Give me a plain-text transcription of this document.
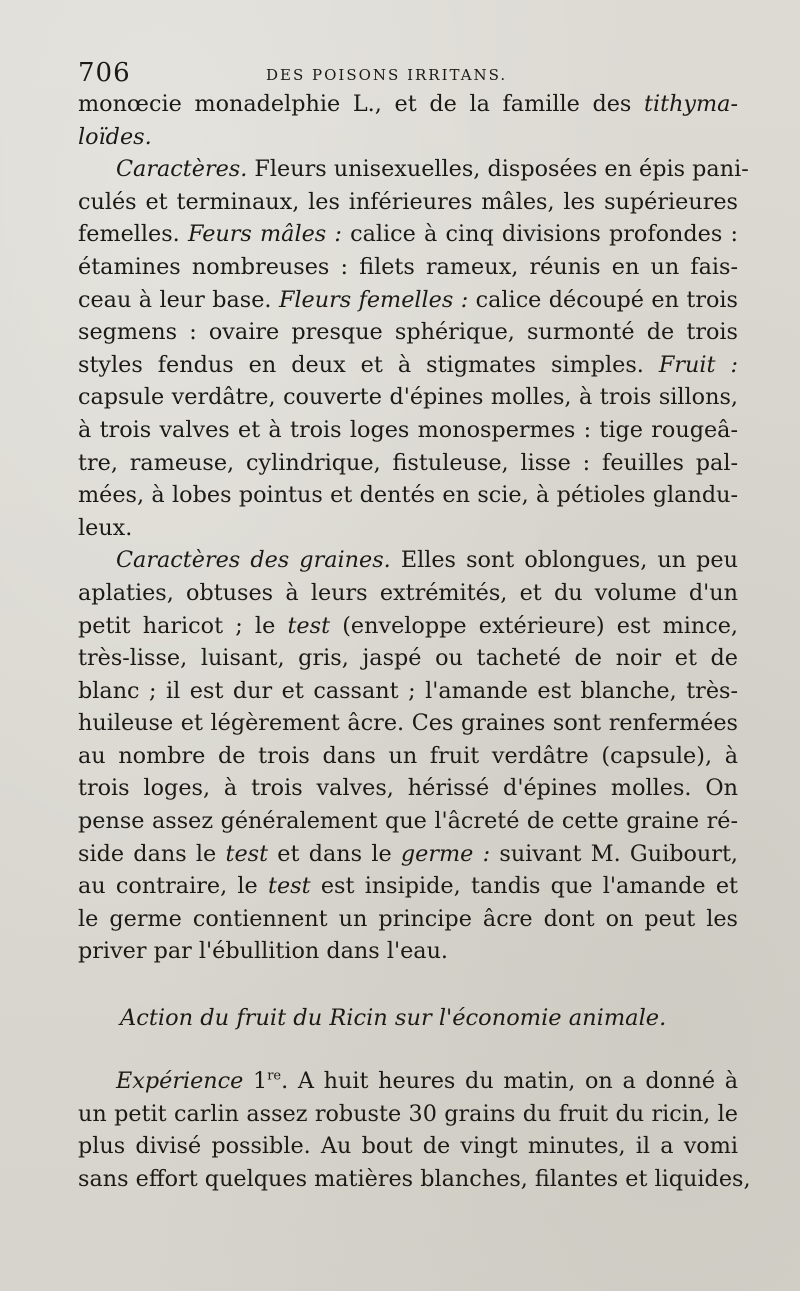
706	DES POISONS IRRITANS.
monœcie monadelphie L., et de la famille des tithyma-
loïdes.
Caractères. Fleurs unisexuelles, disposées en épis pani-
culés et terminaux, les inférieures mâles, les supérieures
femelles. Feurs mâles : calice à cinq divisions profondes :
étamines nombreuses : filets rameux, réunis en un fais-
ceau à leur base. Fleurs femelles : calice découpé en trois
segmens : ovaire presque sphérique, surmonté de trois
styles fendus en deux et à stigmates simples. Fruit :
capsule verdâtre, couverte d'épines molles, à trois sillons,
à trois valves et à trois loges monospermes : tige rougeâ-
tre, rameuse, cylindrique, fistuleuse, lisse : feuilles pal-
mées, à lobes pointus et dentés en scie, à pétioles glandu-
leux.
Caractères des graines. Elles sont oblongues, un peu
aplaties, obtuses à leurs extrémités, et du volume d'un
petit haricot ; le test (enveloppe extérieure) est mince,
très-lisse, luisant, gris, jaspé ou tacheté de noir et de
blanc ; il est dur et cassant ; l'amande est blanche, très-
huileuse et légèrement âcre. Ces graines sont renfermées
au nombre de trois dans un fruit verdâtre (capsule), à
trois loges, à trois valves, hérissé d'épines molles. On
pense assez généralement que l'âcreté de cette graine ré-
side dans le test et dans le germe : suivant M. Guibourt,
au contraire, le test est insipide, tandis que l'amande et
le germe contiennent un principe âcre dont on peut les
priver par l'ébullition dans l'eau.
Action du fruit du Ricin sur l'économie animale.
Expérience 1re. A huit heures du matin, on a donné à
un petit carlin assez robuste 30 grains du fruit du ricin, le
plus divisé possible. Au bout de vingt minutes, il a vomi
sans effort quelques matières blanches, filantes et liquides,
